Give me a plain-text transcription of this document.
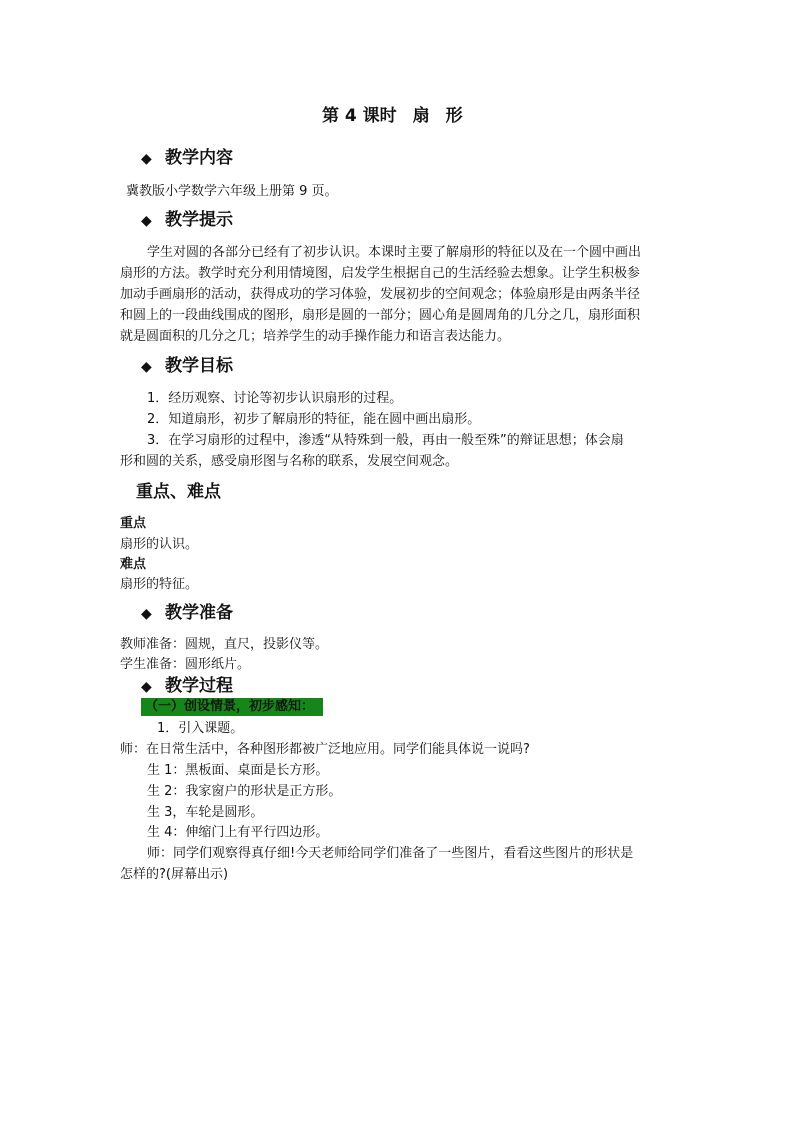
第 4 课时 扇 形
◆ 教学内容
冀教版小学数学六年级上册第 9 页。
◆ 教学提示
学生对圆的各部分已经有了初步认识。本课时主要了解扇形的特征以及在一个圆中画出
扇形的方法。教学时充分利用情境图，启发学生根据自己的生活经验去想象。让学生积极参
加动手画扇形的活动，获得成功的学习体验，发展初步的空间观念；体验扇形是由两条半径
和圆上的一段曲线围成的图形，扇形是圆的一部分；圆心角是圆周角的几分之几，扇形面积
就是圆面积的几分之几；培养学生的动手操作能力和语言表达能力。
◆ 教学目标
1．经历观察、讨论等初步认识扇形的过程。
2．知道扇形，初步了解扇形的特征，能在圆中画出扇形。
3．在学习扇形的过程中，渗透“从特殊到一般，再由一般至殊”的辩证思想；体会扇
形和圆的关系，感受扇形图与名称的联系，发展空间观念。
重点、难点
重点
扇形的认识。
难点
扇形的特征。
◆ 教学准备
教师准备：圆规，直尺，投影仪等。
学生准备：圆形纸片。
◆ 教学过程
（一）创设情景，初步感知：
1．引入课题。
师：在日常生活中，各种图形都被广泛地应用。同学们能具体说一说吗?
生 1：黑板面、桌面是长方形。
生 2：我家窗户的形状是正方形。
生 3，车轮是圆形。
生 4：伸缩门上有平行四边形。
师：同学们观察得真仔细!今天老师给同学们准备了一些图片，看看这些图片的形状是
怎样的?(屏幕出示)
